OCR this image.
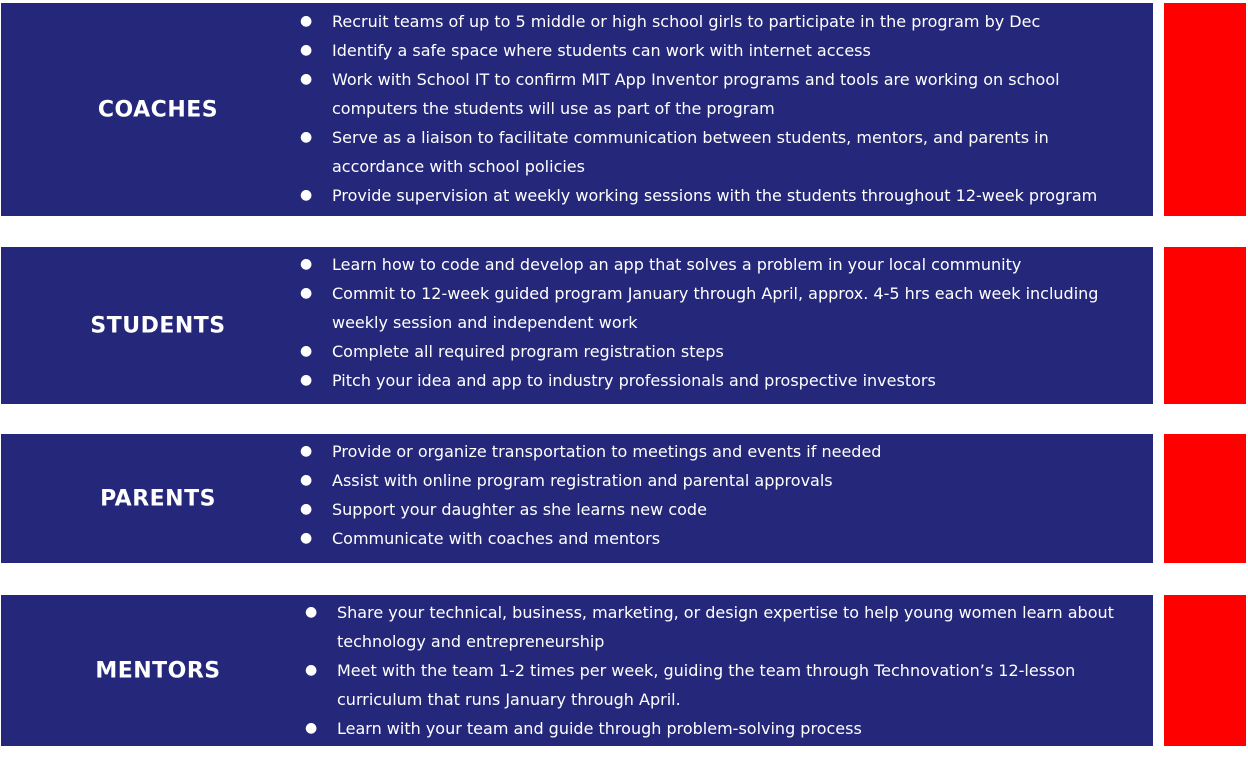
COACHES
● Recruit teams of up to 5 middle or high school girls to participate in the program by Dec
● Identify a safe space where students can work with internet access
● Work with School IT to confirm MIT App Inventor programs and tools are working on school
computers the students will use as part of the program
● Serve as a liaison to facilitate communication between students, mentors, and parents in
accordance with school policies
● Provide supervision at weekly working sessions with the students throughout 12-week program
STUDENTS
● Learn how to code and develop an app that solves a problem in your local community
● Commit to 12-week guided program January through April, approx. 4-5 hrs each week including
weekly session and independent work
● Complete all required program registration steps
● Pitch your idea and app to industry professionals and prospective investors
PARENTS
● Provide or organize transportation to meetings and events if needed
● Assist with online program registration and parental approvals
● Support your daughter as she learns new code
● Communicate with coaches and mentors
MENTORS
● Share your technical, business, marketing, or design expertise to help young women learn about
technology and entrepreneurship
● Meet with the team 1-2 times per week, guiding the team through Technovation’s 12-lesson
curriculum that runs January through April.
● Learn with your team and guide through problem-solving process
